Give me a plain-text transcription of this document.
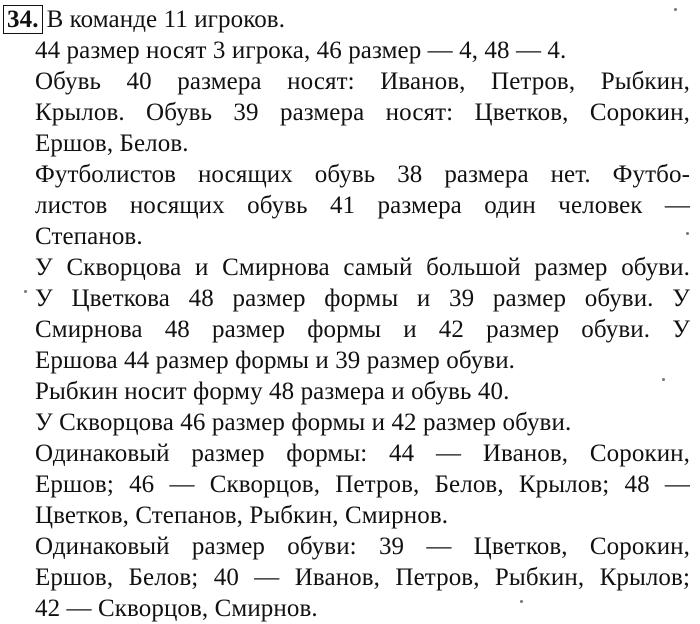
34. В команде 11 игроков.
44 размер носят 3 игрока, 46 размер — 4, 48 — 4.
Обувь 40 размера носят: Иванов, Петров, Рыбкин,
Крылов. Обувь 39 размера носят: Цветков, Сорокин,
Ершов, Белов.
Футболистов носящих обувь 38 размера нет. Футбо-
листов носящих обувь 41 размера один человек —
Степанов.
У Скворцова и Смирнова самый большой размер обуви.
У Цветкова 48 размер формы и 39 размер обуви. У
Смирнова 48 размер формы и 42 размер обуви. У
Ершова 44 размер формы и 39 размер обуви.
Рыбкин носит форму 48 размера и обувь 40.
У Скворцова 46 размер формы и 42 размер обуви.
Одинаковый размер формы: 44 — Иванов, Сорокин,
Ершов; 46 — Скворцов, Петров, Белов, Крылов; 48 —
Цветков, Степанов, Рыбкин, Смирнов.
Одинаковый размер обуви: 39 — Цветков, Сорокин,
Ершов, Белов; 40 — Иванов, Петров, Рыбкин, Крылов;
42 — Скворцов, Смирнов.
